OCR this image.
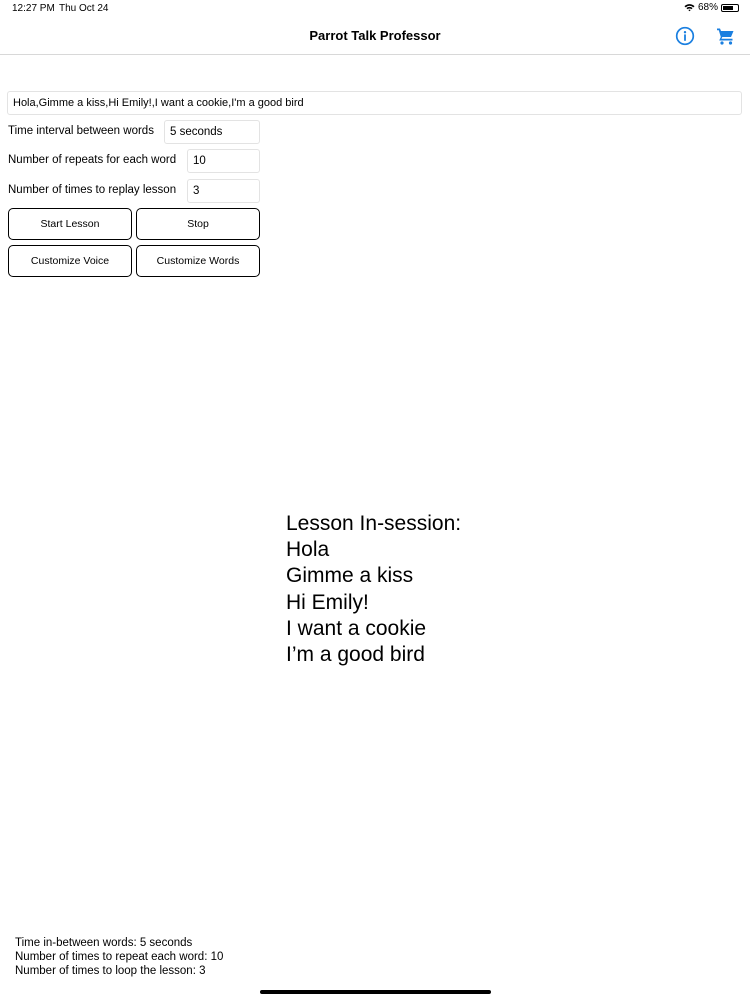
12:27 PM Thu Oct 24	68%
Parrot Talk Professor
Hola,Gimme a kiss,Hi Emily!,I want a cookie,I'm a good bird
Time interval between words	5 seconds
Number of repeats for each word	10
Number of times to replay lesson	3
Start Lesson	Stop
Customize Voice	Customize Words
Lesson In-session:
Hola
Gimme a kiss
Hi Emily!
I want a cookie
I’m a good bird
Time in-between words: 5 seconds
Number of times to repeat each word: 10
Number of times to loop the lesson: 3
